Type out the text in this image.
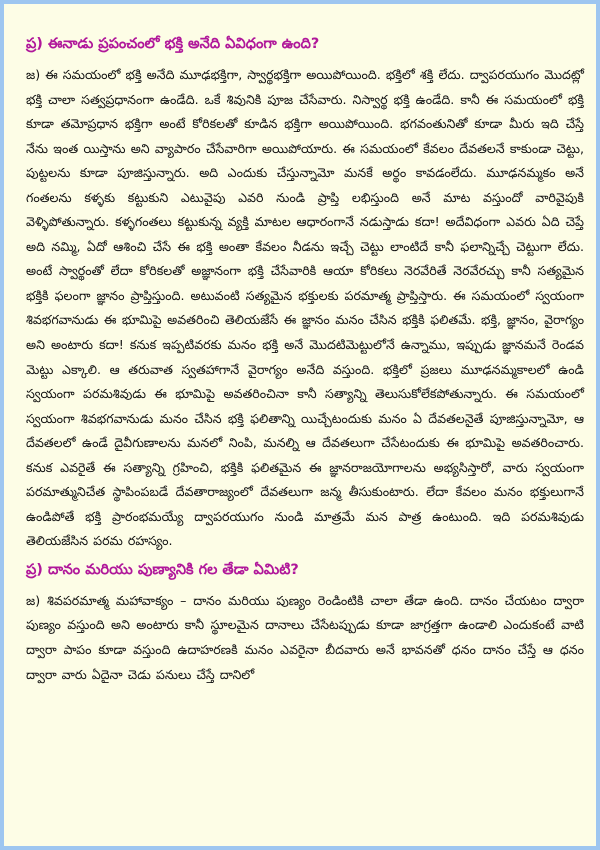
ప్ర) ఈనాడు ప్రపంచంలో భక్తి అనేది ఏవిధంగా ఉంది?

జ) ఈ సమయంలో భక్తి అనేది మూఢభక్తిగా, స్వార్థభక్తిగా అయిపోయింది. భక్తిలో శక్తి లేదు. ద్వాపరయుగం మొదట్లో భక్తి చాలా సత్వప్రధానంగా ఉండేది. ఒకే శివునికి పూజ చేసేవారు. నిస్వార్థ భక్తి ఉండేది. కానీ ఈ సమయంలో భక్తి కూడా తమోప్రధాన భక్తిగా అంటే కోరికలతో కూడిన భక్తిగా అయిపోయింది. భగవంతునితో కూడా మీరు ఇది చేస్తే నేను ఇంత యిస్తాను అని వ్యాపారం చేసేవారిగా అయిపోయారు. ఈ సమయంలో కేవలం దేవతలనే కాకుండా చెట్టు, పుట్టలను కూడా పూజిస్తున్నారు. అది ఎందుకు చేస్తున్నామో మనకే అర్థం కావడంలేదు. మూఢనమ్మకం అనే గంతలను కళ్ళకు కట్టుకుని ఎటువైపు ఎవరి నుండి ప్రాప్తి లభిస్తుంది అనే మాట వస్తుందో వారివైపుకి వెళ్ళిపోతున్నారు. కళ్ళగంతలు కట్టుకున్న వ్యక్తి మాటల ఆధారంగానే నడుస్తాడు కదా! అదేవిధంగా ఎవరు ఏది చెప్తే అది నమ్మి, ఏదో ఆశించి చేసే ఈ భక్తి అంతా కేవలం నీడను ఇచ్చే చెట్టు లాంటిదే కానీ ఫలాన్నిచ్చే చెట్టుగా లేదు. అంటే స్వార్థంతో లేదా కోరికలతో అజ్ఞానంగా భక్తి చేసేవారికి ఆయా కోరికలు నెరవేరితే నెరవేరచ్చు కానీ సత్యమైన భక్తికి ఫలంగా జ్ఞానం ప్రాప్తిస్తుంది. అటువంటి సత్యమైన భక్తులకు పరమాత్మ ప్రాప్తిస్తారు. ఈ సమయంలో స్వయంగా శివభగవానుడు ఈ భూమిపై అవతరించి తెలియజేసే ఈ జ్ఞానం మనం చేసిన భక్తికి ఫలితమే. భక్తి, జ్ఞానం, వైరాగ్యం అని అంటారు కదా! కనుక ఇప్పటివరకు మనం భక్తి అనే మొదటిమెట్టులోనే ఉన్నాము, ఇప్పుడు జ్ఞానమనే రెండవ మెట్టు ఎక్కాలి. ఆ తరువాత స్వతహాగానే వైరాగ్యం అనేది వస్తుంది. భక్తిలో ప్రజలు మూఢనమ్మకాలలో ఉండి స్వయంగా పరమశివుడు ఈ భూమిపై అవతరించినా కానీ సత్యాన్ని తెలుసుకోలేకపోతున్నారు. ఈ సమయంలో స్వయంగా శివభగవానుడు మనం చేసిన భక్తి ఫలితాన్ని యిచ్చేటందుకు మనం ఏ దేవతలనైతే పూజిస్తున్నామో, ఆ దేవతలలో ఉండే దైవీగుణాలను మనలో నింపి, మనల్ని ఆ దేవతలుగా చేసేటందుకు ఈ భూమిపై అవతరించారు. కనుక ఎవరైతే ఈ సత్యాన్ని గ్రహించి, భక్తికి ఫలితమైన ఈ జ్ఞానరాజయోగాలను అభ్యసిస్తారో, వారు స్వయంగా పరమాత్మునిచేత స్థాపింపబడే దేవతారాజ్యంలో దేవతలుగా జన్మ తీసుకుంటారు. లేదా కేవలం మనం భక్తులుగానే ఉండిపోతే భక్తి ప్రారంభమయ్యే ద్వాపరయుగం నుండి మాత్రమే మన పాత్ర ఉంటుంది. ఇది పరమశివుడు తెలియజేసిన పరమ రహస్యం.

ప్ర) దానం మరియు పుణ్యానికి గల తేడా ఏమిటి?

జ) శివపరమాత్మ మహావాక్యం – దానం మరియు పుణ్యం రెండింటికి చాలా తేడా ఉంది. దానం చేయటం ద్వారా పుణ్యం వస్తుంది అని అంటారు కానీ స్థూలమైన దానాలు చేసేటప్పుడు కూడా జాగ్రత్తగా ఉండాలి ఎందుకంటే వాటి ద్వారా పాపం కూడా వస్తుంది ఉదాహరణకి మనం ఎవరైనా బీదవారు అనే భావనతో ధనం దానం చేస్తే ఆ ధనం ద్వారా వారు ఏదైనా చెడు పనులు చేస్తే దానిలో
